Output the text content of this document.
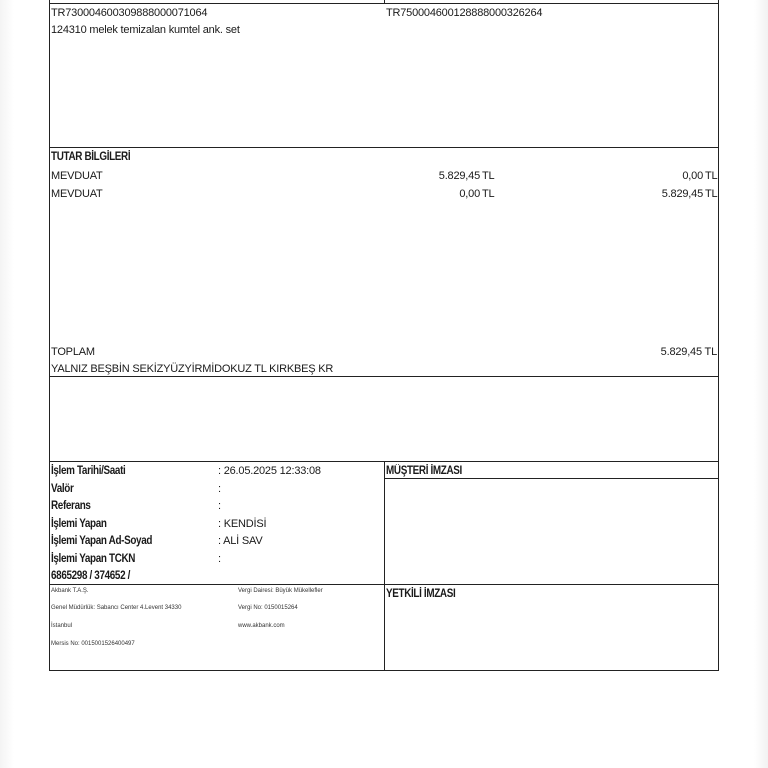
TR730004600309888000071064	TR750004600128888000326264
124310 melek temizalan kumtel ank. set
TUTAR BİLGİLERİ
MEVDUAT	5.829,45 TL	0,00 TL
MEVDUAT	0,00 TL	5.829,45 TL
TOPLAM	5.829,45 TL
YALNIZ BEŞBİN SEKİZYÜZYİRMİDOKUZ TL KIRKBEŞ KR
İşlem Tarihi/Saati	: 26.05.2025 12:33:08
Valör	:
Referans	:
İşlemi Yapan	: KENDİSİ
İşlemi Yapan Ad-Soyad	: ALİ SAV
İşlemi Yapan TCKN	:
6865298 / 374652 /
MÜŞTERİ İMZASI
YETKİLİ İMZASI
Akbank T.A.Ş.
Genel Müdürlük: Sabancı Center 4.Levent 34330
İstanbul
Mersis No: 0015001526400497
Vergi Dairesi: Büyük Mükellefler
Vergi No: 0150015264
www.akbank.com
